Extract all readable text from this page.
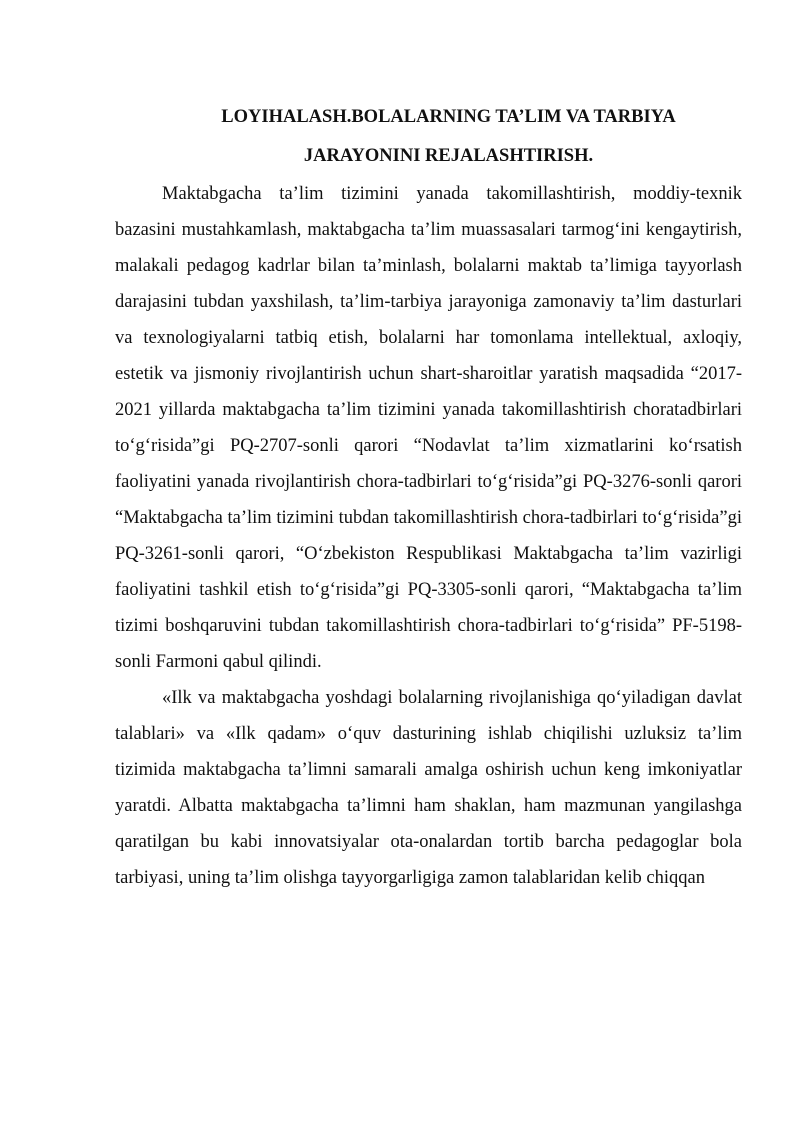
LOYIHALASH.BOLALARNING TA’LIM VA TARBIYA
JARAYONINI REJALASHTIRISH.

Maktabgacha ta’lim tizimini yanada takomillashtirish, moddiy-texnik bazasini mustahkamlash, maktabgacha ta’lim muassasalari tarmog‘ini kengaytirish, malakali pedagog kadrlar bilan ta’minlash, bolalarni maktab ta’limiga tayyorlash darajasini tubdan yaxshilash, ta’lim-tarbiya jarayoniga zamonaviy ta’lim dasturlari va texnologiyalarni tatbiq etish, bolalarni har tomonlama intellektual, axloqiy, estetik va jismoniy rivojlantirish uchun shart-sharoitlar yaratish maqsadida “2017-2021 yillarda maktabgacha ta’lim tizimini yanada takomillashtirish choratadbirlari to‘g‘risida”gi PQ-2707-sonli qarori “Nodavlat ta’lim xizmatlarini ko‘rsatish faoliyatini yanada rivojlantirish chora-tadbirlari to‘g‘risida”gi PQ-3276-sonli qarori “Maktabgacha ta’lim tizimini tubdan takomillashtirish chora-tadbirlari to‘g‘risida”gi PQ-3261-sonli qarori, “O‘zbekiston Respublikasi Maktabgacha ta’lim vazirligi faoliyatini tashkil etish to‘g‘risida”gi PQ-3305-sonli qarori, “Maktabgacha ta’lim tizimi boshqaruvini tubdan takomillashtirish chora-tadbirlari to‘g‘risida” PF-5198-sonli Farmoni qabul qilindi.

«Ilk va maktabgacha yoshdagi bolalarning rivojlanishiga qo‘yiladigan davlat talablari» va «Ilk qadam» o‘quv dasturining ishlab chiqilishi uzluksiz ta’lim tizimida maktabgacha ta’limni samarali amalga oshirish uchun keng imkoniyatlar yaratdi. Albatta maktabgacha ta’limni ham shaklan, ham mazmunan yangilashga qaratilgan bu kabi innovatsiyalar ota-onalardan tortib barcha pedagoglar bola tarbiyasi, uning ta’lim olishga tayyorgarligiga zamon talablaridan kelib chiqqan
